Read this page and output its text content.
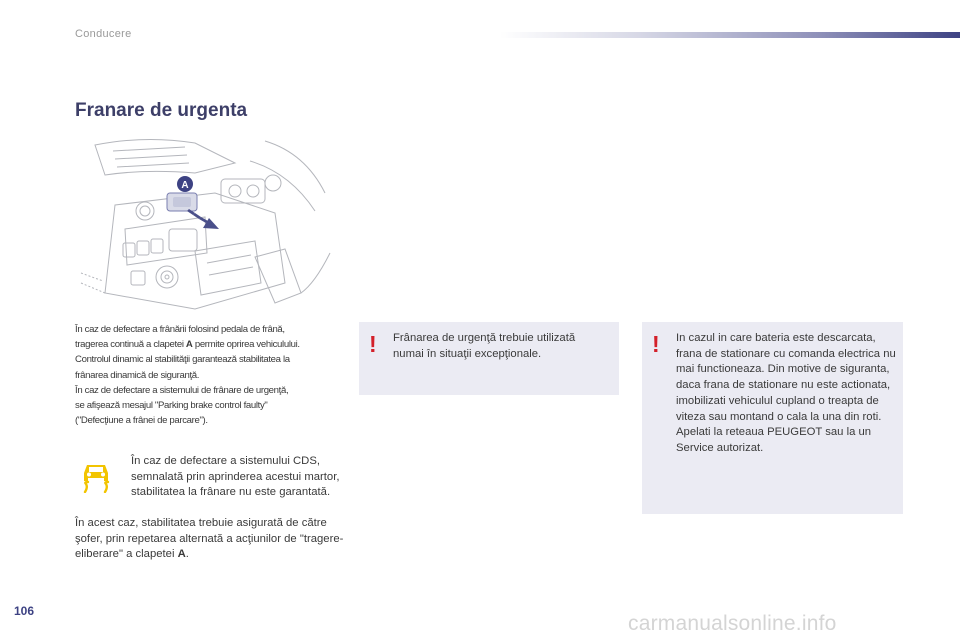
Conducere
Franare de urgenta
A

În caz de defectare a frânării folosind pedala de frână,

tragerea continuă a clapetei A permite oprirea vehiculului.

Controlul dinamic al stabilităţii garantează stabilitatea la

frânarea dinamică de siguranţă.

În caz de defectare a sistemului de frânare de urgenţă,

se afişează mesajul "Parking brake control faulty"

("Defecţiune a frânei de parcare").

În caz de defectare a sistemului CDS, semnalată prin aprinderea acestui martor, stabilitatea la frânare nu este garantată.

În acest caz, stabilitatea trebuie asigurată de către şofer, prin repetarea alternată a acţiunilor de "tragere-eliberare" a clapetei A.

! Frânarea de urgenţă trebuie utilizată numai în situaţii excepţionale.	! In cazul in care bateria este descarcata, frana de stationare cu comanda electrica nu mai functioneaza. Din motive de siguranta, daca frana de stationare nu este actionata, imobilizati vehiculul cupland o treapta de viteza sau montand o cala la una din roti. Apelati la reteaua PEUGEOT sau la un Service autorizat.

106
carmanualsonline.info
